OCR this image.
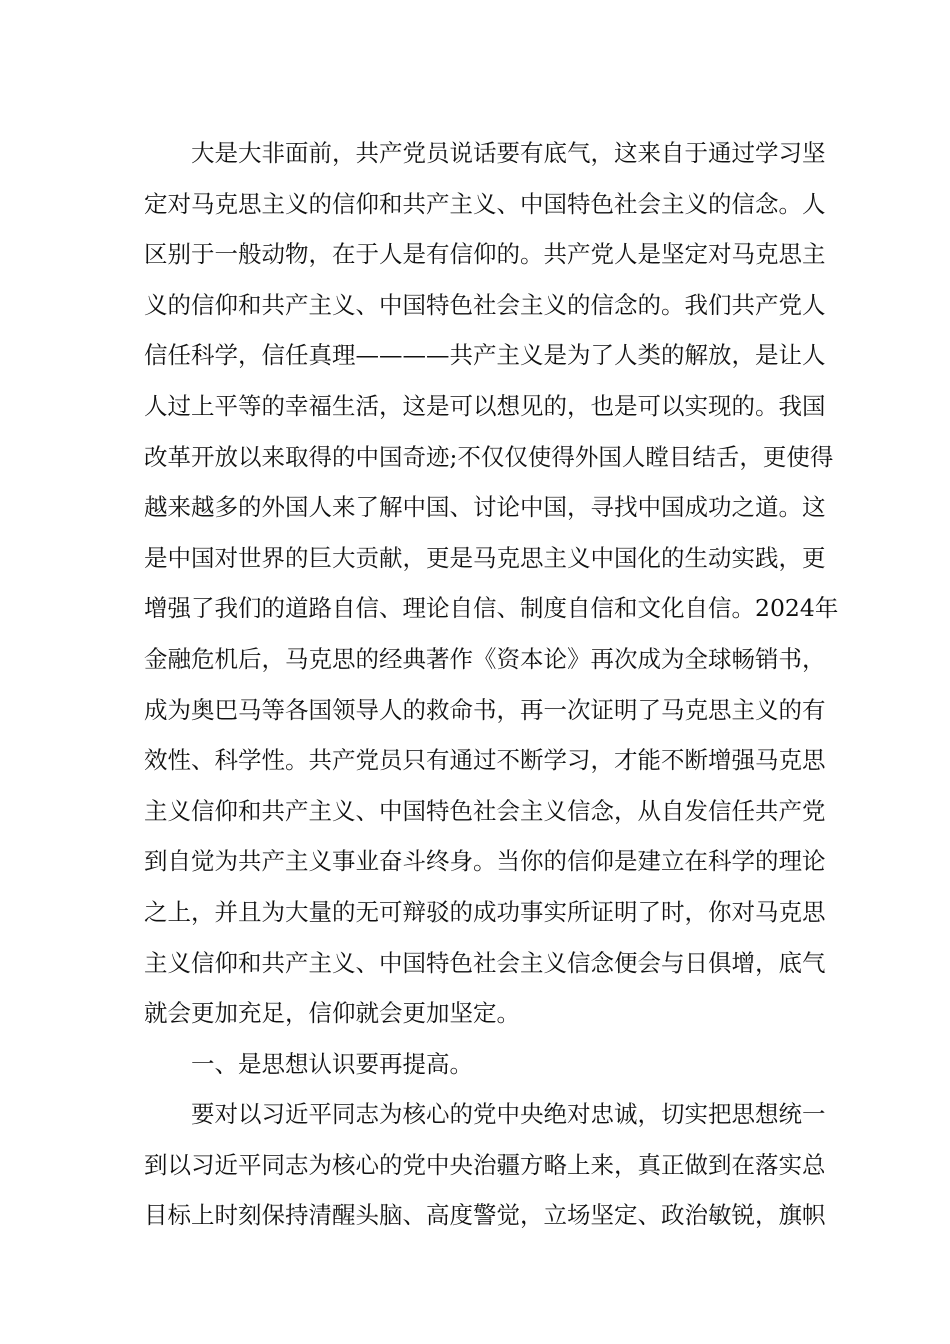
大 是 大 非 面 前 ， 共 产 党 员 说 话 要 有 底 气 ， 这 来 自 于 通 过 学 习 坚
定 对 马 克 思 主 义 的 信 仰 和 共 产 主 义 、 中 国 特 色 社 会 主 义 的 信 念 。 人
区 别 于 一 般 动 物 ， 在 于 人 是 有 信 仰 的 。 共 产 党 人 是 坚 定 对 马 克 思 主
义 的 信 仰 和 共 产 主 义 、 中 国 特 色 社 会 主 义 的 信 念 的 。 我 们 共 产 党 人
信 任 科 学 ， 信 任 真 理 — — — — 共 产 主 义 是 为 了 人 类 的 解 放 ， 是 让 人
人 过 上 平 等 的 幸 福 生 活 ， 这 是 可 以 想 见 的 ， 也 是 可 以 实 现 的 。 我 国
改 革 开 放 以 来 取 得 的 中 国 奇 迹 ; 不 仅 仅 使 得 外 国 人 瞠 目 结 舌 ， 更 使 得
越 来 越 多 的 外 国 人 来 了 解 中 国 、 讨 论 中 国 ， 寻 找 中 国 成 功 之 道 。 这
是 中 国 对 世 界 的 巨 大 贡 献 ， 更 是 马 克 思 主 义 中 国 化 的 生 动 实 践 ， 更
增 强 了 我 们 的 道 路 自 信 、 理 论 自 信 、 制 度 自 信 和 文 化 自 信 。 2 0 2 4 年
金 融 危 机 后 ， 马 克 思 的 经 典 著 作 《 资 本 论 》 再 次 成 为 全 球 畅 销 书 ，
成 为 奥 巴 马 等 各 国 领 导 人 的 救 命 书 ， 再 一 次 证 明 了 马 克 思 主 义 的 有
效 性 、 科 学 性 。 共 产 党 员 只 有 通 过 不 断 学 习 ， 才 能 不 断 增 强 马 克 思
主 义 信 仰 和 共 产 主 义 、 中 国 特 色 社 会 主 义 信 念 ， 从 自 发 信 任 共 产 党
到 自 觉 为 共 产 主 义 事 业 奋 斗 终 身 。 当 你 的 信 仰 是 建 立 在 科 学 的 理 论
之 上 ， 并 且 为 大 量 的 无 可 辩 驳 的 成 功 事 实 所 证 明 了 时 ， 你 对 马 克 思
主 义 信 仰 和 共 产 主 义 、 中 国 特 色 社 会 主 义 信 念 便 会 与 日 俱 增 ， 底 气
就会更加充足，信仰就会更加坚定。
一、是思想认识要再提高。
要 对 以 习 近 平 同 志 为 核 心 的 党 中 央 绝 对 忠 诚 ， 切 实 把 思 想 统 一
到 以 习 近 平 同 志 为 核 心 的 党 中 央 治 疆 方 略 上 来 ， 真 正 做 到 在 落 实 总
目 标 上 时 刻 保 持 清 醒 头 脑 、 高 度 警 觉 ， 立 场 坚 定 、 政 治 敏 锐 ， 旗 帜
